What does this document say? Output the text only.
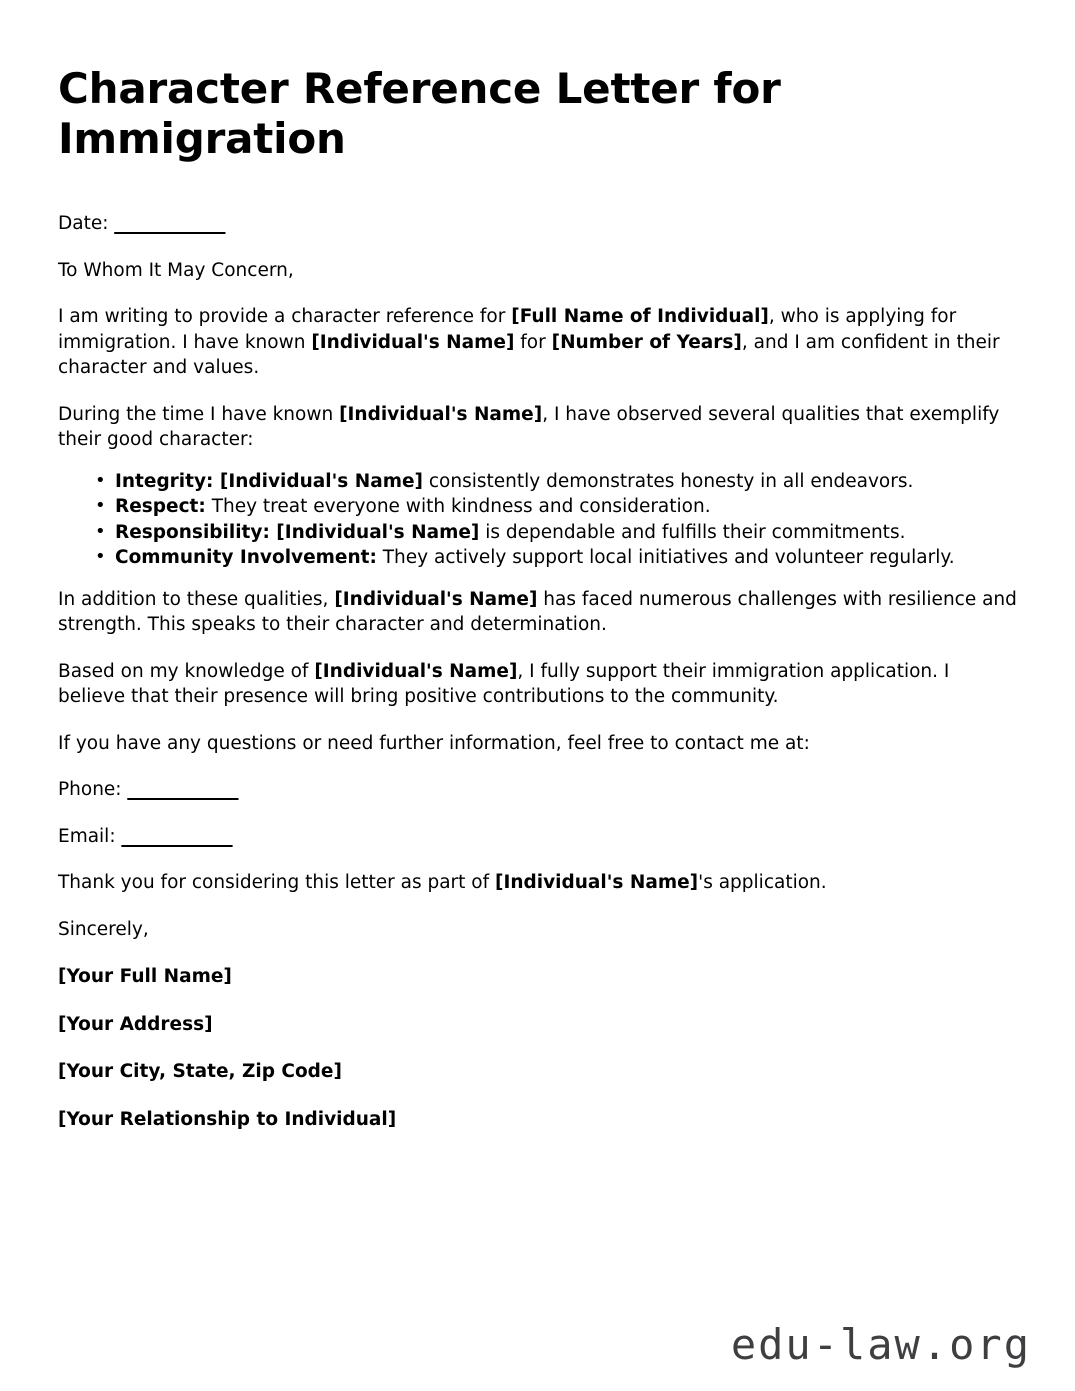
Character Reference Letter for Immigration

Date: ____________

To Whom It May Concern,

I am writing to provide a character reference for [Full Name of Individual], who is applying for immigration. I have known [Individual's Name] for [Number of Years], and I am confident in their character and values.

During the time I have known [Individual's Name], I have observed several qualities that exemplify their good character:

• Integrity: [Individual's Name] consistently demonstrates honesty in all endeavors.
• Respect: They treat everyone with kindness and consideration.
• Responsibility: [Individual's Name] is dependable and fulfills their commitments.
• Community Involvement: They actively support local initiatives and volunteer regularly.

In addition to these qualities, [Individual's Name] has faced numerous challenges with resilience and strength. This speaks to their character and determination.

Based on my knowledge of [Individual's Name], I fully support their immigration application. I believe that their presence will bring positive contributions to the community.

If you have any questions or need further information, feel free to contact me at:

Phone: ____________

Email: ____________

Thank you for considering this letter as part of [Individual's Name]'s application.

Sincerely,

[Your Full Name]

[Your Address]

[Your City, State, Zip Code]

[Your Relationship to Individual]

edu-law.org
